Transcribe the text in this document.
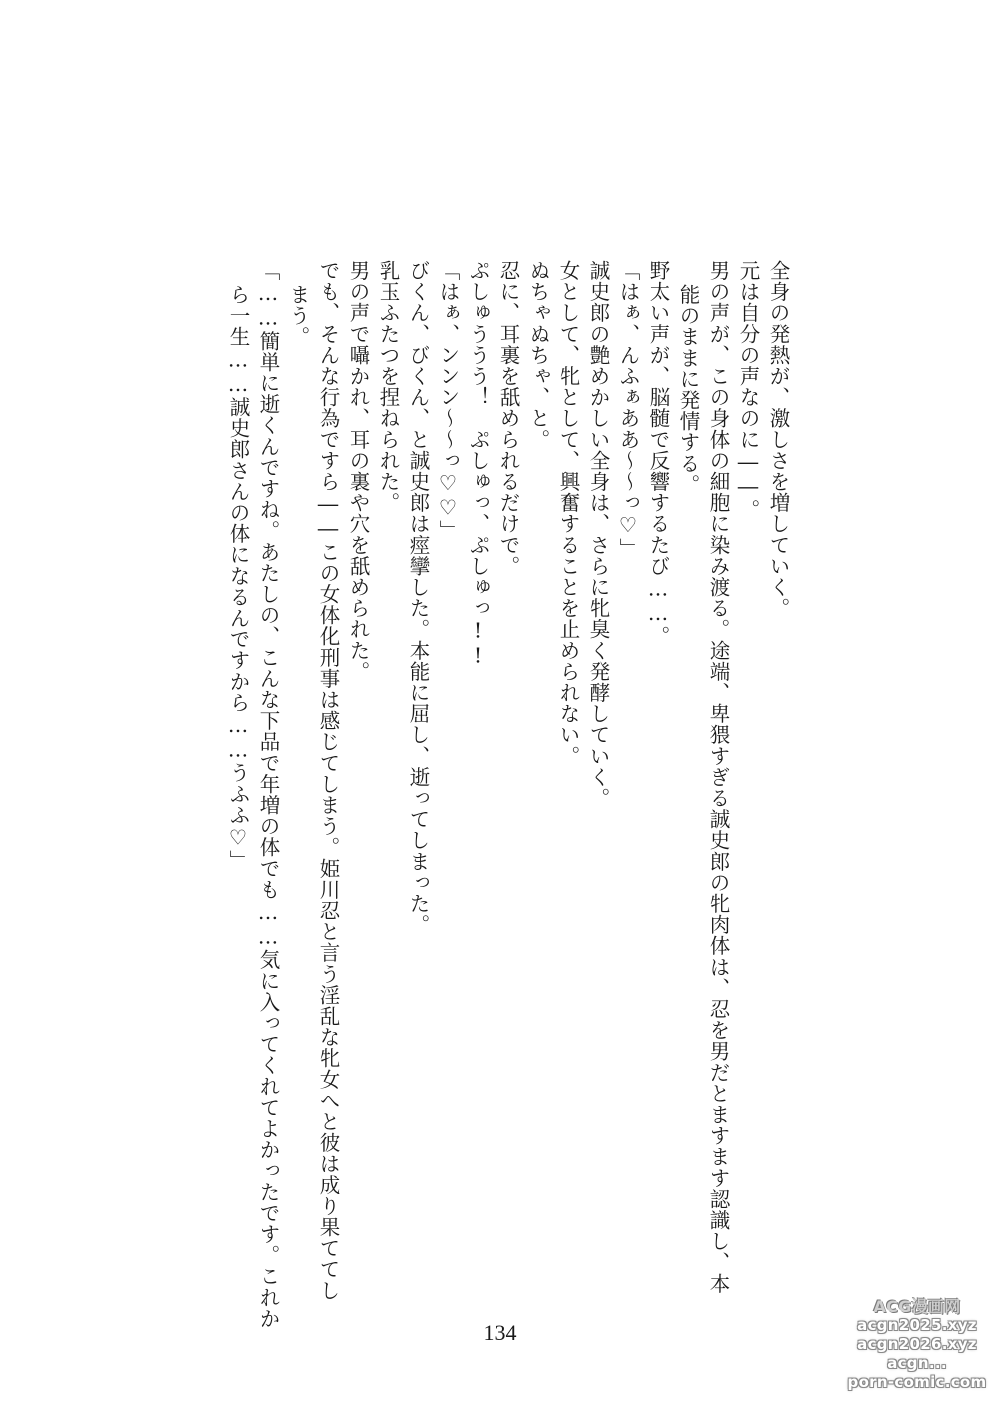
全身の発熱が、激しさを増していく。
元は自分の声なのに――。
男の声が、この身体の細胞に染み渡る。途端、卑猥すぎる誠史郎の牝肉体は、忍を男だとますます認識し、本
能のままに発情する。
野太い声が、脳髄で反響するたび……。
「はぁ、んふぁああ～～っ♡」
誠史郎の艶めかしい全身は、さらに牝臭く発酵していく。
女として、牝として、興奮することを止められない。
ぬちゃぬちゃ、と。
忍に、耳裏を舐められるだけで。
ぷしゅううう！　ぷしゅっ、ぷしゅっ!!
「はぁ、ンンン～～っ♡♡」
びくん、びくん、と誠史郎は痙攣した。本能に屈し、逝ってしまった。
乳玉ふたつを捏ねられた。
男の声で囁かれ、耳の裏や穴を舐められた。
でも、そんな行為ですら――この女体化刑事は感じてしまう。姫川忍と言う淫乱な牝女へと彼は成り果ててし
まう。
「……簡単に逝くんですね。あたしの、こんな下品で年増の体でも……気に入ってくれてよかったです。これか
ら一生……誠史郎さんの体になるんですから……うふふ♡」
134
ACG漫画网
acgn2025.xyz
acgn2026.xyz
acgn...
porn-comic.com
